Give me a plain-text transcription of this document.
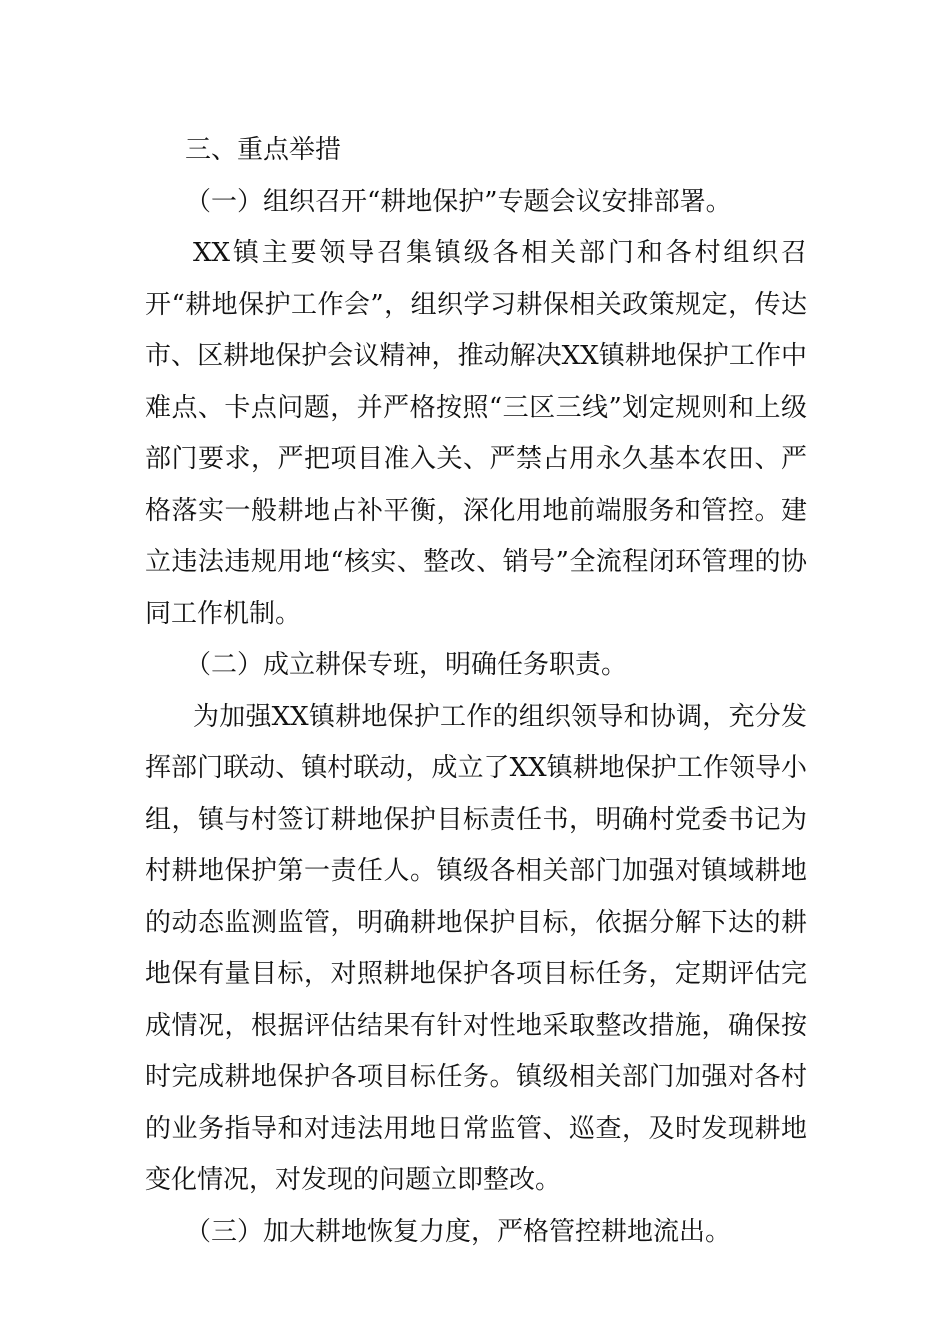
三、重点举措

（一）组织召开“耕地保护”专题会议安排部署。

XX镇主要领导召集镇级各相关部门和各村组织召开“耕地保护工作会”，组织学习耕保相关政策规定，传达市、区耕地保护会议精神，推动解决XX镇耕地保护工作中难点、卡点问题，并严格按照“三区三线”划定规则和上级部门要求，严把项目准入关、严禁占用永久基本农田、严格落实一般耕地占补平衡，深化用地前端服务和管控。建立违法违规用地“核实、整改、销号”全流程闭环管理的协同工作机制。

（二）成立耕保专班，明确任务职责。

为加强XX镇耕地保护工作的组织领导和协调，充分发挥部门联动、镇村联动，成立了XX镇耕地保护工作领导小组，镇与村签订耕地保护目标责任书，明确村党委书记为村耕地保护第一责任人。镇级各相关部门加强对镇域耕地的动态监测监管，明确耕地保护目标，依据分解下达的耕地保有量目标，对照耕地保护各项目标任务，定期评估完成情况，根据评估结果有针对性地采取整改措施，确保按时完成耕地保护各项目标任务。镇级相关部门加强对各村的业务指导和对违法用地日常监管、巡查，及时发现耕地变化情况，对发现的问题立即整改。

（三）加大耕地恢复力度，严格管控耕地流出。
